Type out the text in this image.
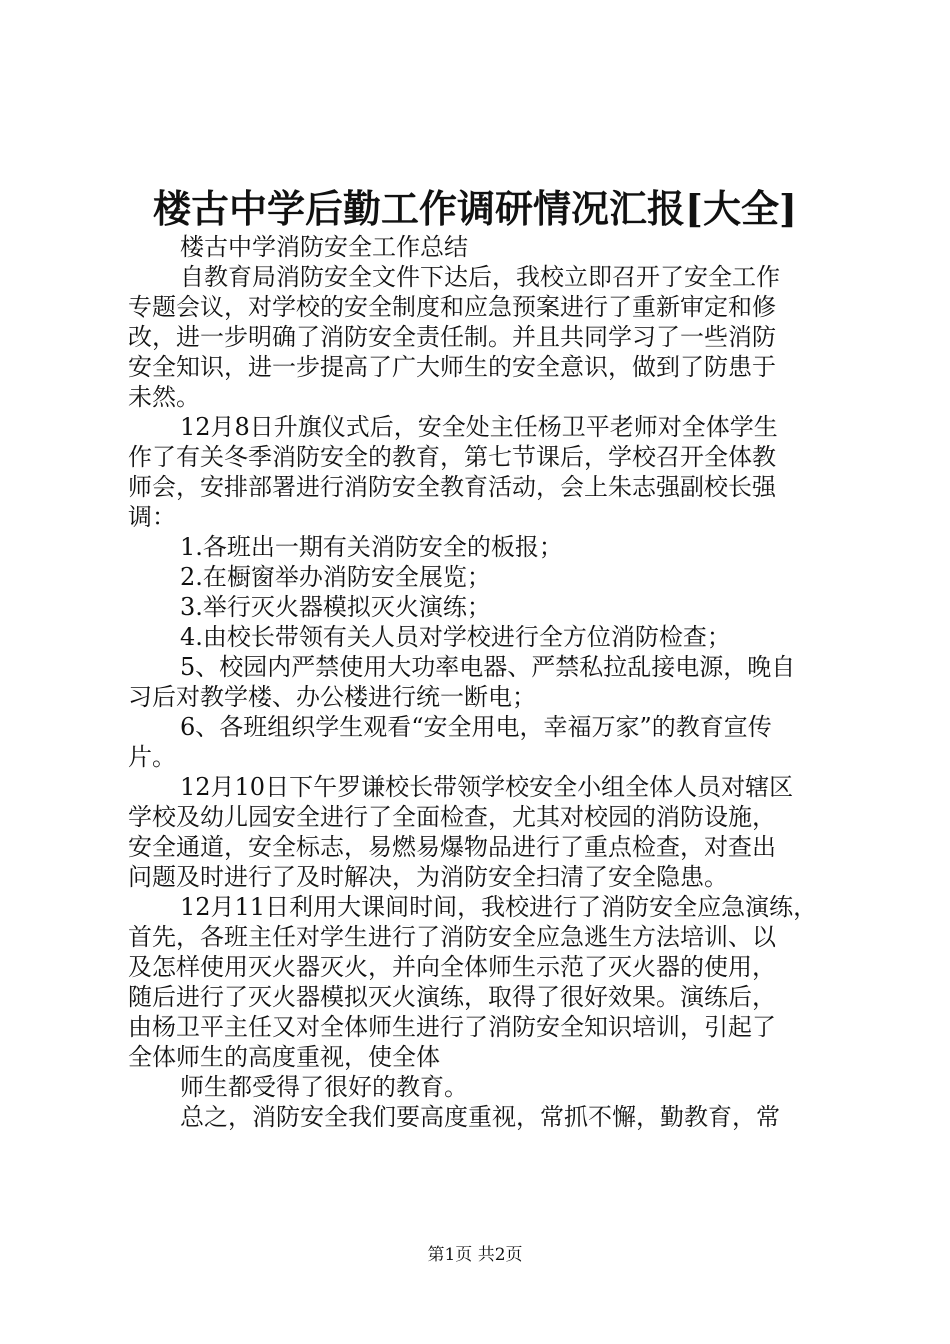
楼古中学后勤工作调研情况汇报[大全]
楼古中学消防安全工作总结
自教育局消防安全文件下达后，我校立即召开了安全工作
专题会议，对学校的安全制度和应急预案进行了重新审定和修
改，进一步明确了消防安全责任制。并且共同学习了一些消防
安全知识，进一步提高了广大师生的安全意识，做到了防患于
未然。
12月8日升旗仪式后，安全处主任杨卫平老师对全体学生
作了有关冬季消防安全的教育，第七节课后，学校召开全体教
师会，安排部署进行消防安全教育活动，会上朱志强副校长强
调：
1.各班出一期有关消防安全的板报；
2.在橱窗举办消防安全展览；
3.举行灭火器模拟灭火演练；
4.由校长带领有关人员对学校进行全方位消防检查；
5、校园内严禁使用大功率电器、严禁私拉乱接电源，晚自
习后对教学楼、办公楼进行统一断电；
6、各班组织学生观看“安全用电，幸福万家”的教育宣传
片。
12月10日下午罗谦校长带领学校安全小组全体人员对辖区
学校及幼儿园安全进行了全面检查，尤其对校园的消防设施，
安全通道，安全标志，易燃易爆物品进行了重点检查，对查出
问题及时进行了及时解决，为消防安全扫清了安全隐患。
12月11日利用大课间时间，我校进行了消防安全应急演练，
首先，各班主任对学生进行了消防安全应急逃生方法培训、以
及怎样使用灭火器灭火，并向全体师生示范了灭火器的使用，
随后进行了灭火器模拟灭火演练，取得了很好效果。演练后，
由杨卫平主任又对全体师生进行了消防安全知识培训，引起了
全体师生的高度重视，使全体
师生都受得了很好的教育。
总之，消防安全我们要高度重视，常抓不懈，勤教育，常
第1页 共2页
